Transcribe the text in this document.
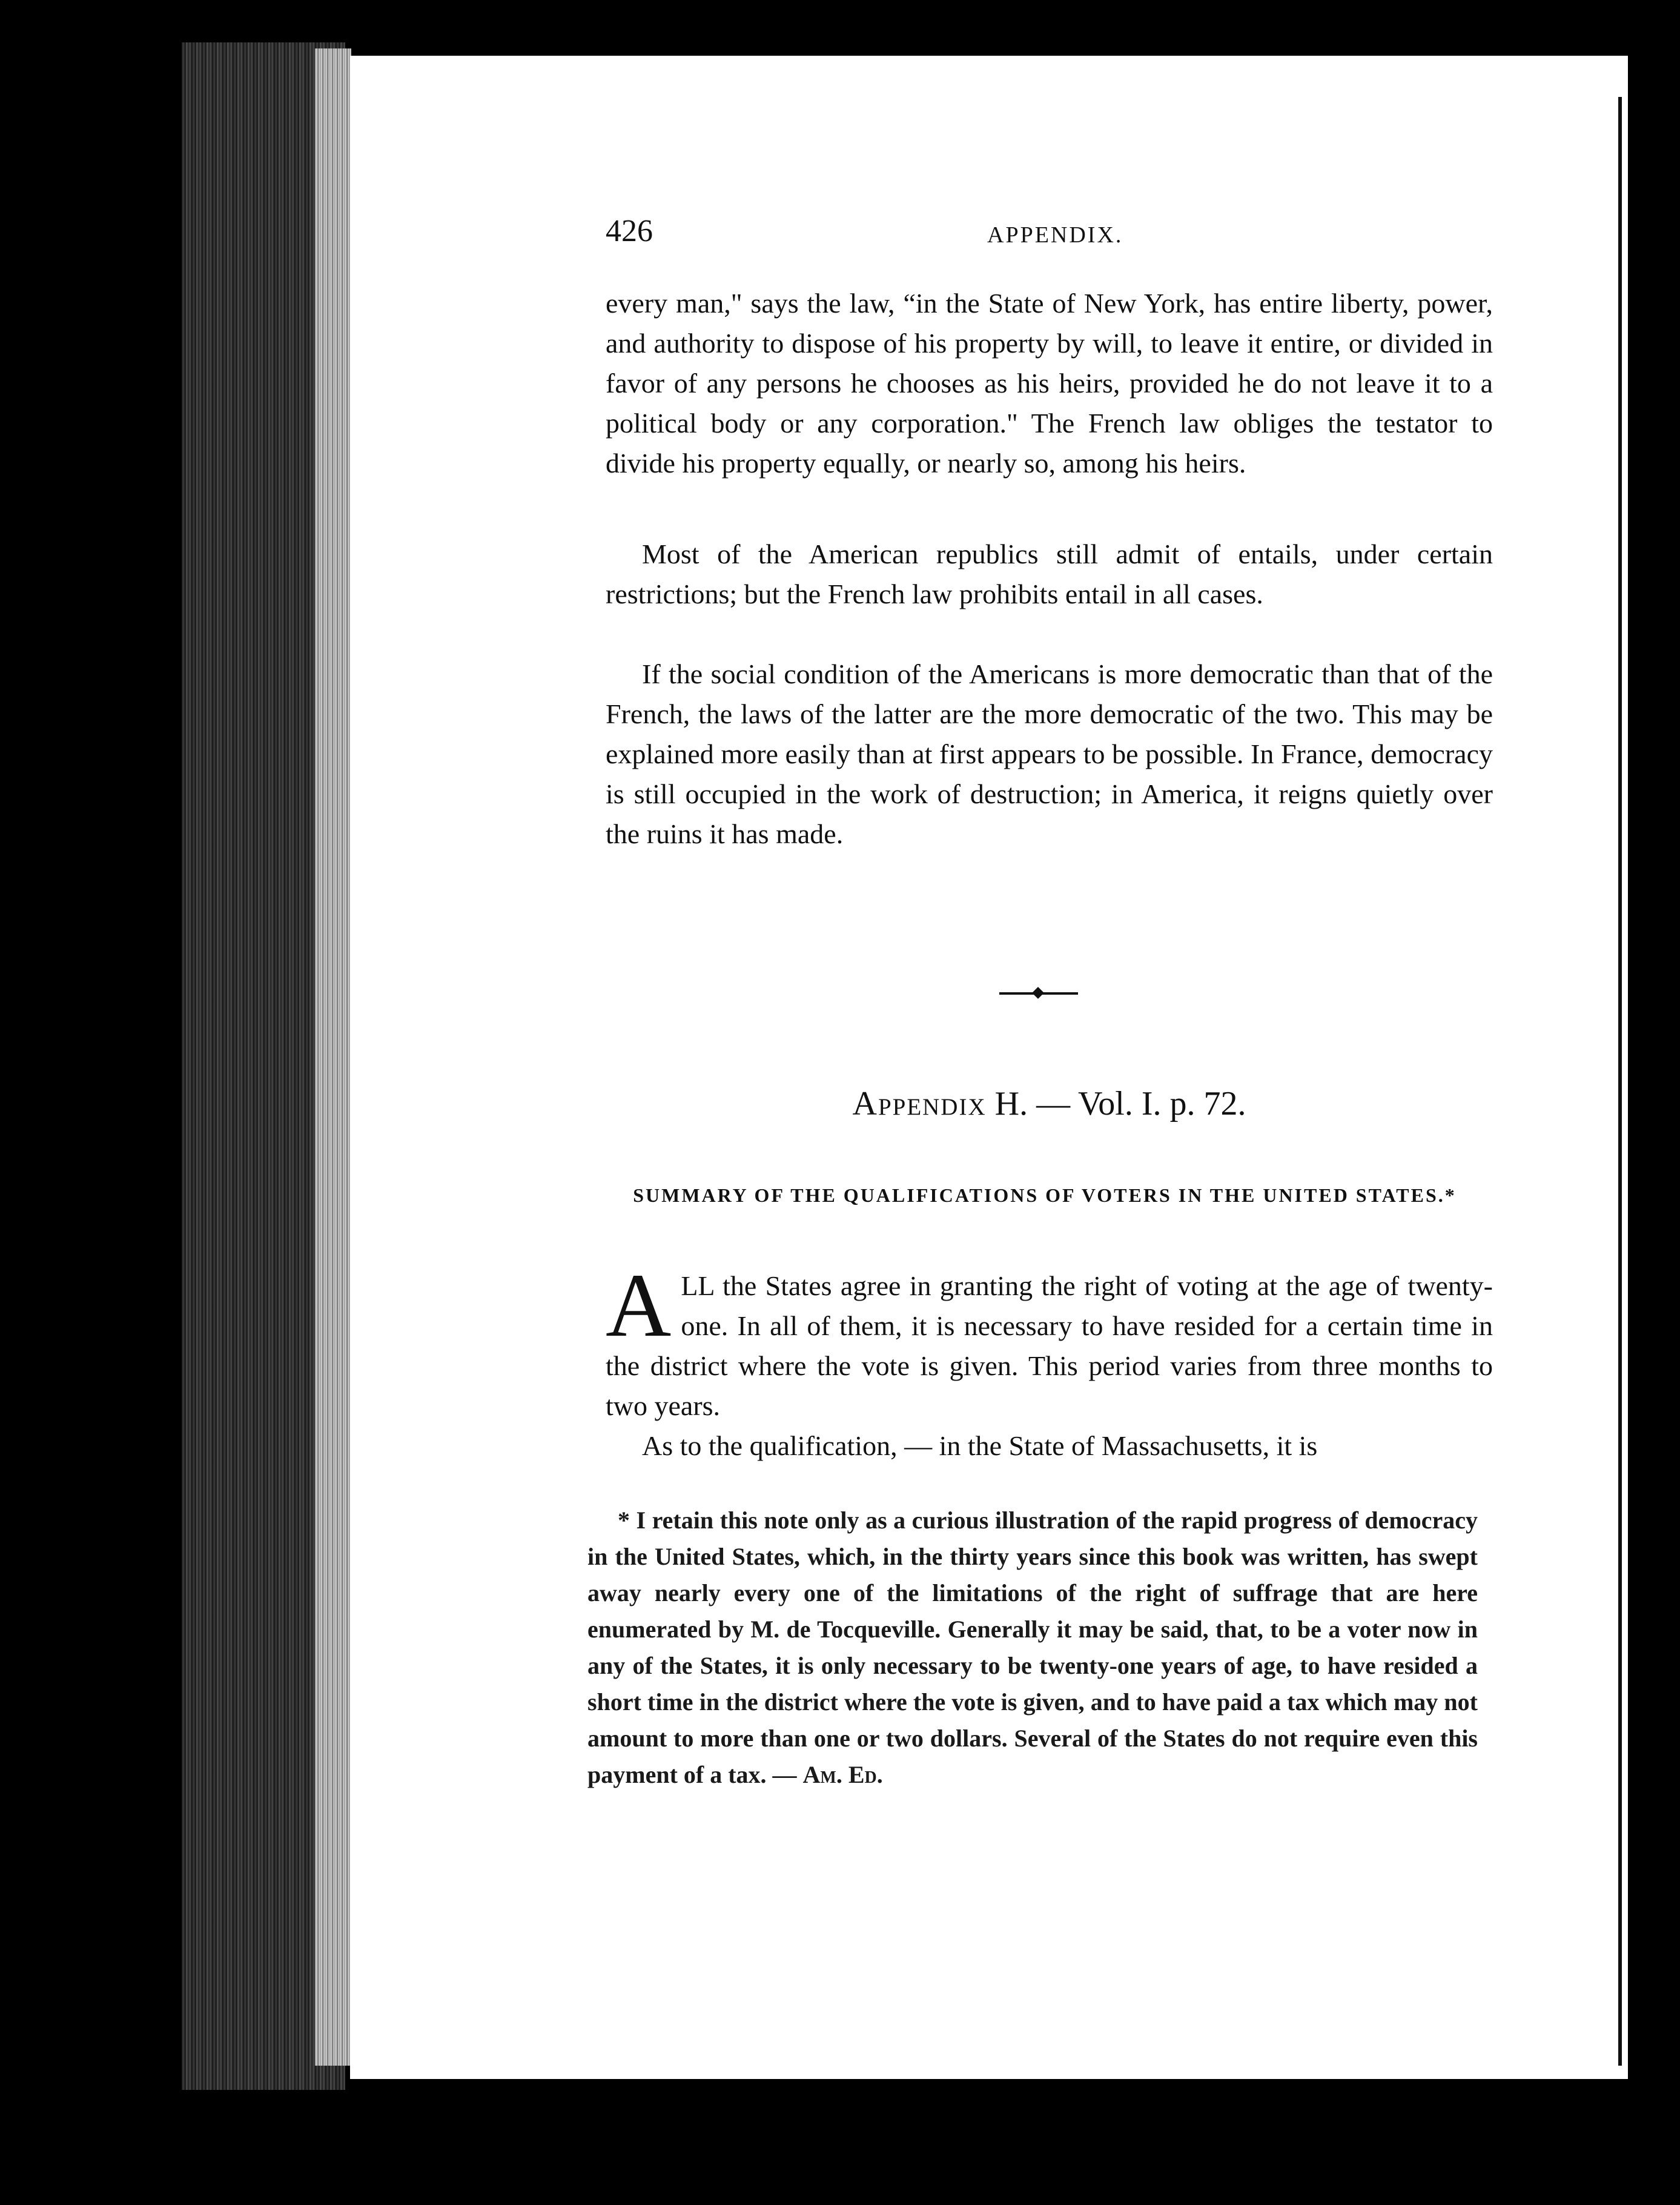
426	APPENDIX.

every man," says the law, “in the State of New York, has entire liberty, power, and authority to dispose of his property by will, to leave it entire, or divided in favor of any persons he chooses as his heirs, provided he do not leave it to a political body or any corporation." The French law obliges the testator to divide his property equally, or nearly so, among his heirs.

Most of the American republics still admit of entails, under certain restrictions; but the French law prohibits entail in all cases.

If the social condition of the Americans is more democratic than that of the French, the laws of the latter are the more democratic of the two. This may be explained more easily than at first appears to be possible. In France, democracy is still occupied in the work of destruction; in America, it reigns quietly over the ruins it has made.

Appendix H. — Vol. I. p. 72.
SUMMARY OF THE QUALIFICATIONS OF VOTERS IN THE UNITED STATES.*

ALL the States agree in granting the right of voting at the age of twenty-one. In all of them, it is necessary to have resided for a certain time in the district where the vote is given. This period varies from three months to two years.

As to the qualification, — in the State of Massachusetts, it is

* I retain this note only as a curious illustration of the rapid progress of democracy in the United States, which, in the thirty years since this book was written, has swept away nearly every one of the limitations of the right of suffrage that are here enumerated by M. de Tocqueville. Generally it may be said, that, to be a voter now in any of the States, it is only necessary to be twenty-one years of age, to have resided a short time in the district where the vote is given, and to have paid a tax which may not amount to more than one or two dollars. Several of the States do not require even this payment of a tax. — Am. Ed.
